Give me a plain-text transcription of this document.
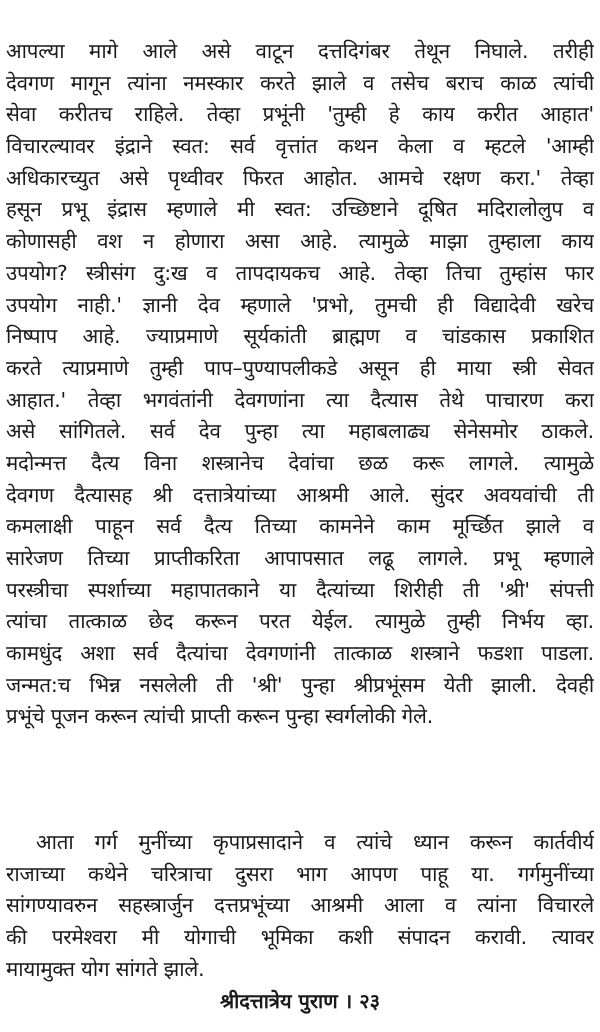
आपल्या मागे आले असे वाटून दत्तदिगंबर तेथून निघाले. तरीही
देवगण मागून त्यांना नमस्कार करते झाले व तसेच बराच काळ त्यांची
सेवा करीतच राहिले. तेव्हा प्रभूंनी 'तुम्ही हे काय करीत आहात'
विचारल्यावर इंद्राने स्वत: सर्व वृत्तांत कथन केला व म्हटले 'आम्ही
अधिकारच्युत असे पृथ्वीवर फिरत आहोत. आमचे रक्षण करा.' तेव्हा
हसून प्रभू इंद्रास म्हणाले मी स्वत: उच्छिष्टाने दूषित मदिरालोलुप व
कोणासही वश न होणारा असा आहे. त्यामुळे माझा तुम्हाला काय
उपयोग? स्त्रीसंग दु:ख व तापदायकच आहे. तेव्हा तिचा तुम्हांस फार
उपयोग नाही.' ज्ञानी देव म्हणाले 'प्रभो, तुमची ही विद्यादेवी खरेच
निष्पाप आहे. ज्याप्रमाणे सूर्यकांती ब्राह्मण व चांडकास प्रकाशित
करते त्याप्रमाणे तुम्ही पाप–पुण्यापलीकडे असून ही माया स्त्री सेवत
आहात.' तेव्हा भगवंतांनी देवगणांना त्या दैत्यास तेथे पाचारण करा
असे सांगितले. सर्व देव पुन्हा त्या महाबलाढ्य सेनेसमोर ठाकले.
मदोन्मत्त दैत्य विना शस्त्रानेच देवांचा छळ करू लागले. त्यामुळे
देवगण दैत्यासह श्री दत्तात्रेयांच्या आश्रमी आले. सुंदर अवयवांची ती
कमलाक्षी पाहून सर्व दैत्य तिच्या कामनेने काम मूर्च्छित झाले व
सारेजण तिच्या प्राप्तीकरिता आपापसात लढू लागले. प्रभू म्हणाले
परस्त्रीचा स्पर्शाच्या महापातकाने या दैत्यांच्या शिरीही ती 'श्री' संपत्ती
त्यांचा तात्काळ छेद करून परत येईल. त्यामुळे तुम्ही निर्भय व्हा.
कामधुंद अशा सर्व दैत्यांचा देवगणांनी तात्काळ शस्त्राने फडशा पाडला.
जन्मत:च भिन्न नसलेली ती 'श्री' पुन्हा श्रीप्रभूंसम येती झाली. देवही
प्रभूंचे पूजन करून त्यांची प्राप्ती करून पुन्हा स्वर्गलोकी गेले.
आता गर्ग मुनींच्या कृपाप्रसादाने व त्यांचे ध्यान करून कार्तवीर्य
राजाच्या कथेने चरित्राचा दुसरा भाग आपण पाहू या. गर्गमुनींच्या
सांगण्यावरुन सहस्त्रार्जुन दत्तप्रभूंच्या आश्रमी आला व त्यांना विचारले
की परमेश्वरा मी योगाची भूमिका कशी संपादन करावी. त्यावर
मायामुक्त योग सांगते झाले.
श्रीदत्तात्रेय पुराण । २३
